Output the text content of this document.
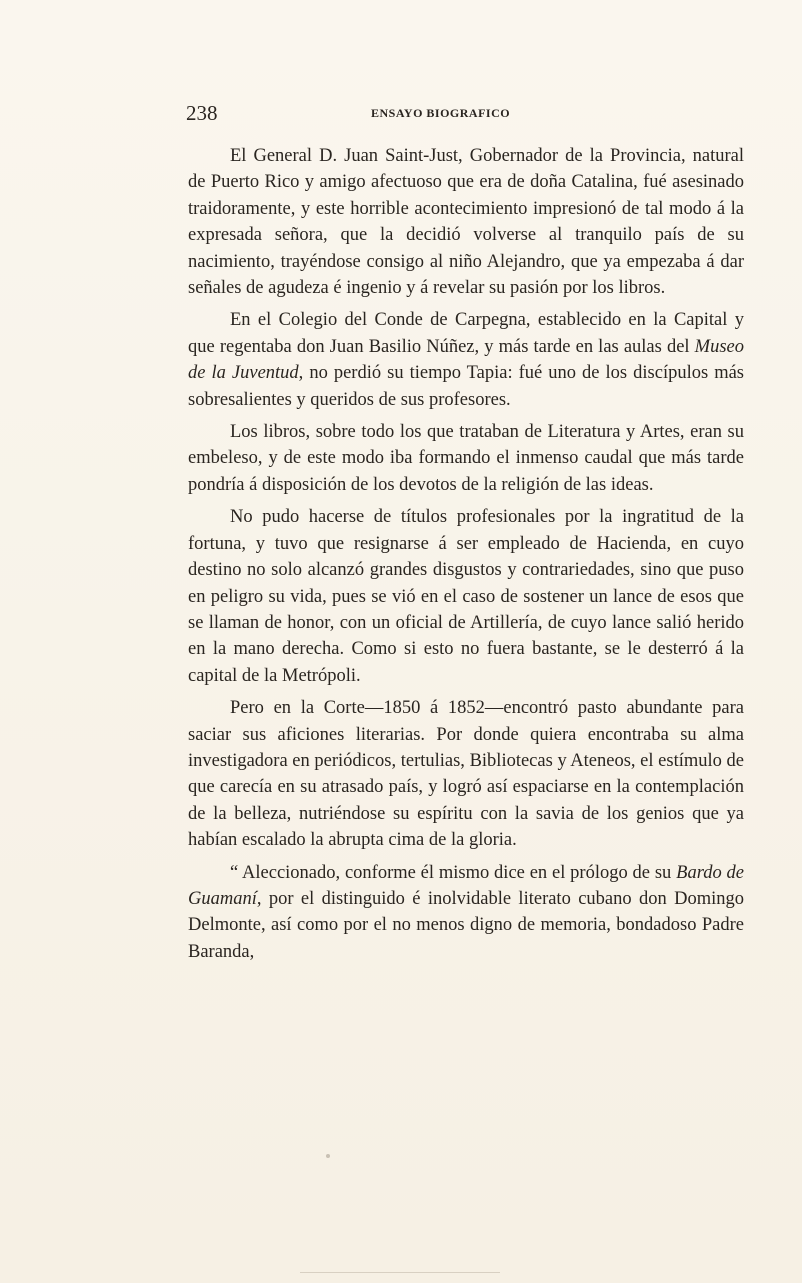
238	ENSAYO BIOGRAFICO

El General D. Juan Saint-Just, Gobernador de la Provincia, natural de Puerto Rico y amigo afectuoso que era de doña Catalina, fué asesinado traidoramente, y este horrible acontecimiento impresionó de tal modo á la expresada señora, que la decidió volverse al tranquilo país de su nacimiento, trayéndose consigo al niño Alejandro, que ya empezaba á dar señales de agudeza é ingenio y á revelar su pasión por los libros.

En el Colegio del Conde de Carpegna, establecido en la Capital y que regentaba don Juan Basilio Núñez, y más tarde en las aulas del Museo de la Juventud, no perdió su tiempo Tapia: fué uno de los discípulos más sobresalientes y queridos de sus profesores.

Los libros, sobre todo los que trataban de Literatura y Artes, eran su embeleso, y de este modo iba formando el inmenso caudal que más tarde pondría á disposición de los devotos de la religión de las ideas.

No pudo hacerse de títulos profesionales por la ingratitud de la fortuna, y tuvo que resignarse á ser empleado de Hacienda, en cuyo destino no solo alcanzó grandes disgustos y contrariedades, sino que puso en peligro su vida, pues se vió en el caso de sostener un lance de esos que se llaman de honor, con un oficial de Artillería, de cuyo lance salió herido en la mano derecha. Como si esto no fuera bastante, se le desterró á la capital de la Metrópoli.

Pero en la Corte—1850 á 1852—encontró pasto abundante para saciar sus aficiones literarias. Por donde quiera encontraba su alma investigadora en periódicos, tertulias, Bibliotecas y Ateneos, el estímulo de que carecía en su atrasado país, y logró así espaciarse en la contemplación de la belleza, nutriéndose su espíritu con la savia de los genios que ya habían escalado la abrupta cima de la gloria.

“ Aleccionado, conforme él mismo dice en el prólogo de su Bardo de Guamaní, por el distinguido é inolvidable literato cubano don Domingo Delmonte, así como por el no menos digno de memoria, bondadoso Padre Baranda,
